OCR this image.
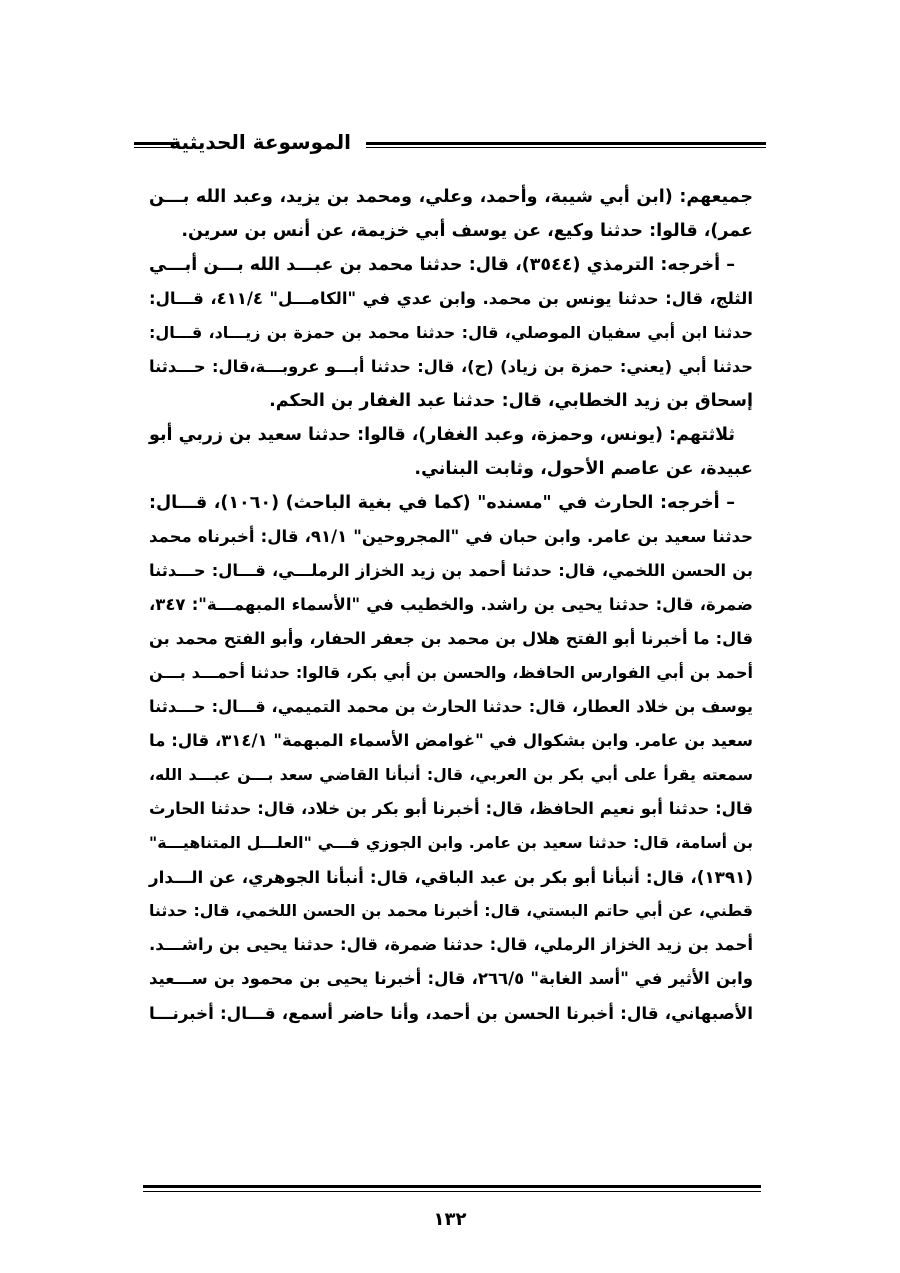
الموسوعة الحديثية
جميعهم: (ابن أبي شيبة، وأحمد، وعلي، ومحمد بن يزيد، وعبد الله بـــن
عمر)، قالوا: حدثنا وكيع، عن يوسف أبي خزيمة، عن أنس بن سرين.
– أخرجه: الترمذي (٣٥٤٤)، قال: حدثنا محمد بن عبـــد الله بـــن أبـــي
الثلج، قال: حدثنا يونس بن محمد. وابن عدي في "الكامـــل" ٤١١/٤، قـــال:
حدثنا ابن أبي سفيان الموصلي، قال: حدثنا محمد بن حمزة بن زيـــاد، قـــال:
حدثنا أبي (يعني: حمزة بن زياد) (ح)، قال: حدثنا أبـــو عروبـــة،قال: حـــدثنا
إسحاق بن زيد الخطابي، قال: حدثنا عبد الغفار بن الحكم.
ثلاثتهم: (يونس، وحمزة، وعبد الغفار)، قالوا: حدثنا سعيد بن زربي أبو
عبيدة، عن عاصم الأحول، وثابت البناني.
– أخرجه: الحارث في "مسنده" (كما في بغية الباحث) (١٠٦٠)، قـــال:
حدثنا سعيد بن عامر. وابن حبان في "المجروحين" ٩١/١، قال: أخبرناه محمد
بن الحسن اللخمي، قال: حدثنا أحمد بن زيد الخزاز الرملـــي، قـــال: حـــدثنا
ضمرة، قال: حدثنا يحيى بن راشد. والخطيب في "الأسماء المبهمـــة": ٣٤٧،
قال: ما أخبرنا أبو الفتح هلال بن محمد بن جعفر الحفار، وأبو الفتح محمد بن
أحمد بن أبي الفوارس الحافظ، والحسن بن أبي بكر، قالوا: حدثنا أحمـــد بـــن
يوسف بن خلاد العطار، قال: حدثنا الحارث بن محمد التميمي، قـــال: حـــدثنا
سعيد بن عامر. وابن بشكوال في "غوامض الأسماء المبهمة" ٣١٤/١، قال: ما
سمعته يقرأ على أبي بكر بن العربي، قال: أنبأنا القاضي سعد بـــن عبـــد الله،
قال: حدثنا أبو نعيم الحافظ، قال: أخبرنا أبو بكر بن خلاد، قال: حدثنا الحارث
بن أسامة، قال: حدثنا سعيد بن عامر. وابن الجوزي فـــي "العلـــل المتناهيـــة"
(١٣٩١)، قال: أنبأنا أبو بكر بن عبد الباقي، قال: أنبأنا الجوهري، عن الـــدار
قطني، عن أبي حاتم البستي، قال: أخبرنا محمد بن الحسن اللخمي، قال: حدثنا
أحمد بن زيد الخزاز الرملي، قال: حدثنا ضمرة، قال: حدثنا يحيى بن راشـــد.
وابن الأثير في "أسد الغابة" ٢٦٦/٥، قال: أخبرنا يحيى بن محمود بن ســـعيد
الأصبهاني، قال: أخبرنا الحسن بن أحمد، وأنا حاضر أسمع، قـــال: أخبرنـــا
١٣٢
